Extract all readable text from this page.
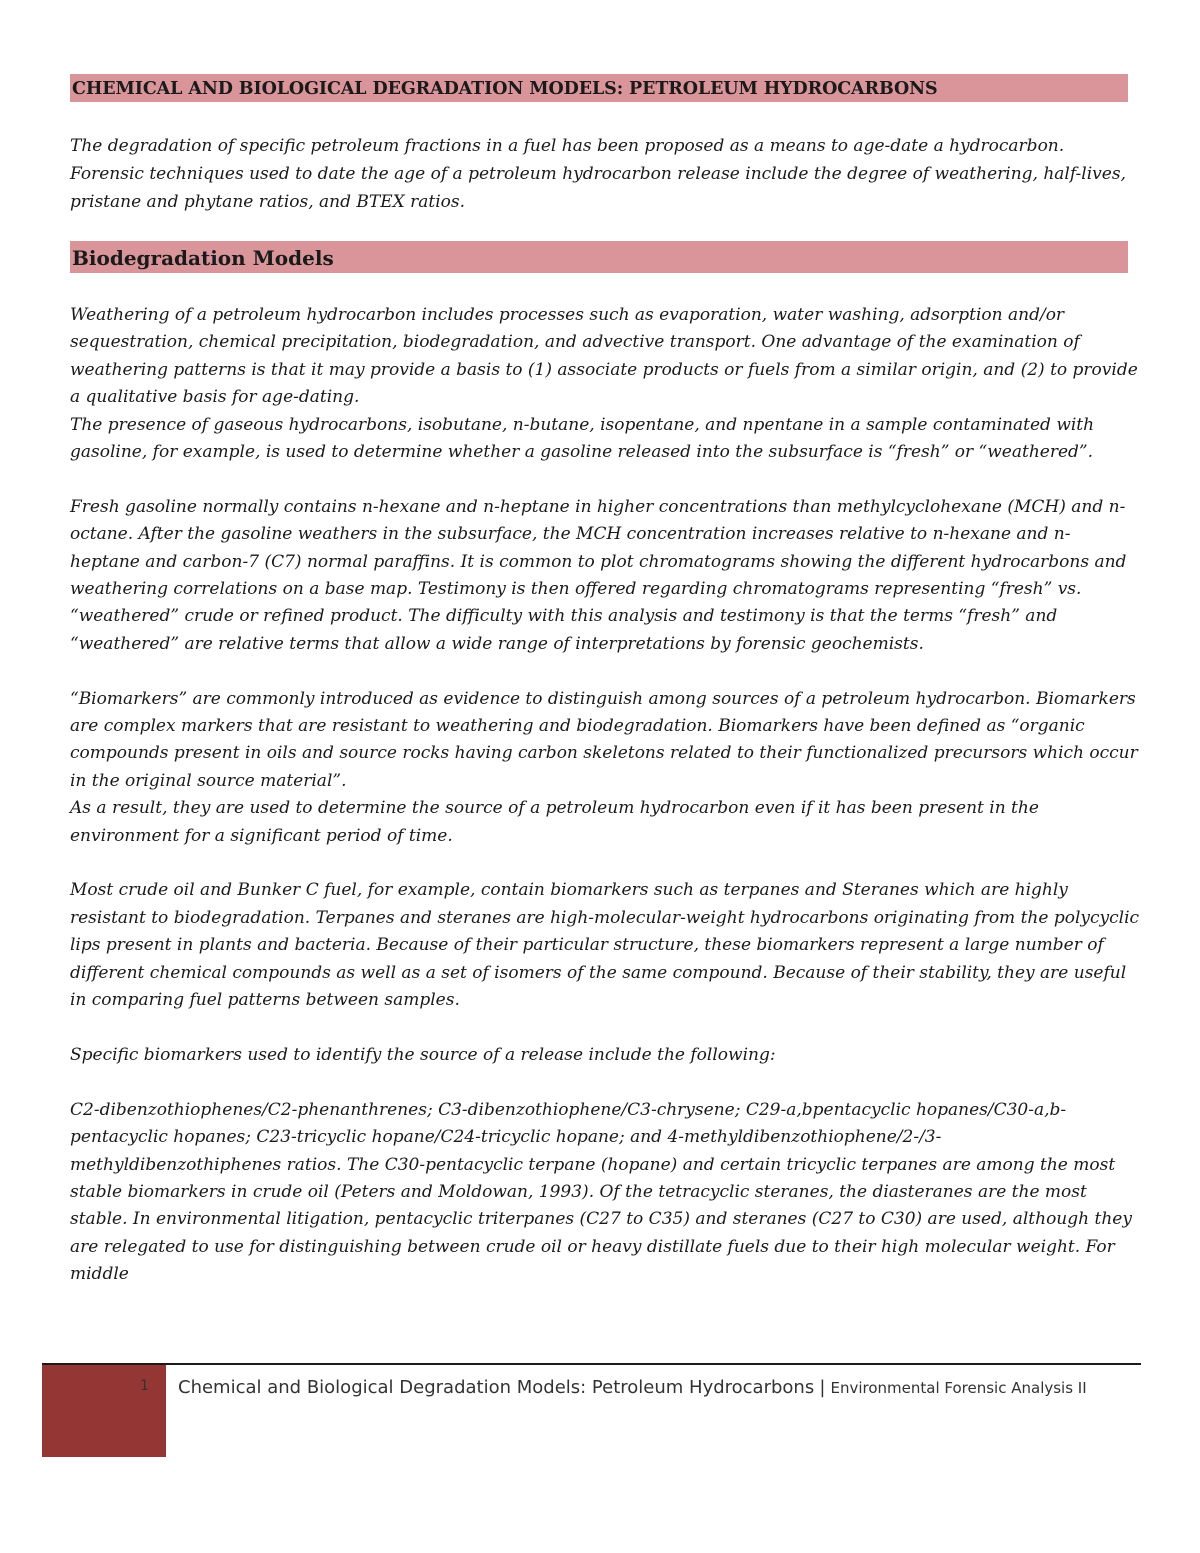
CHEMICAL AND BIOLOGICAL DEGRADATION MODELS: PETROLEUM HYDROCARBONS
The degradation of specific petroleum fractions in a fuel has been proposed as a means to age-date a hydrocarbon. Forensic techniques used to date the age of a petroleum hydrocarbon release include the degree of weathering, half-lives, pristane and phytane ratios, and BTEX ratios.
Biodegradation Models

Weathering of a petroleum hydrocarbon includes processes such as evaporation, water washing, adsorption and/or sequestration, chemical precipitation, biodegradation, and advective transport. One advantage of the examination of weathering patterns is that it may provide a basis to (1) associate products or fuels from a similar origin, and (2) to provide a qualitative basis for age-dating.

The presence of gaseous hydrocarbons, isobutane, n-butane, isopentane, and npentane in a sample contaminated with gasoline, for example, is used to determine whether a gasoline released into the subsurface is “fresh” or “weathered”.

Fresh gasoline normally contains n-hexane and n-heptane in higher concentrations than methylcyclohexane (MCH) and n-octane. After the gasoline weathers in the subsurface, the MCH concentration increases relative to n-hexane and n-heptane and carbon-7 (C7) normal paraffins. It is common to plot chromatograms showing the different hydrocarbons and weathering correlations on a base map. Testimony is then offered regarding chromatograms representing “fresh” vs. “weathered” crude or refined product. The difficulty with this analysis and testimony is that the terms “fresh” and “weathered” are relative terms that allow a wide range of interpretations by forensic geochemists.

“Biomarkers” are commonly introduced as evidence to distinguish among sources of a petroleum hydrocarbon. Biomarkers are complex markers that are resistant to weathering and biodegradation. Biomarkers have been defined as “organic compounds present in oils and source rocks having carbon skeletons related to their functionalized precursors which occur in the original source material”.

As a result, they are used to determine the source of a petroleum hydrocarbon even if it has been present in the environment for a significant period of time.

Most crude oil and Bunker C fuel, for example, contain biomarkers such as terpanes and Steranes which are highly resistant to biodegradation. Terpanes and steranes are high-molecular-weight hydrocarbons originating from the polycyclic lips present in plants and bacteria. Because of their particular structure, these biomarkers represent a large number of different chemical compounds as well as a set of isomers of the same compound. Because of their stability, they are useful in comparing fuel patterns between samples.

Specific biomarkers used to identify the source of a release include the following:

C2-dibenzothiophenes/C2-phenanthrenes; C3-dibenzothiophene/C3-chrysene; C29-a,bpentacyclic hopanes/C30-a,b-pentacyclic hopanes; C23-tricyclic hopane/C24-tricyclic hopane; and 4-methyldibenzothiophene/2-/3-methyldibenzothiphenes ratios. The C30-pentacyclic terpane (hopane) and certain tricyclic terpanes are among the most stable biomarkers in crude oil (Peters and Moldowan, 1993). Of the tetracyclic steranes, the diasteranes are the most stable. In environmental litigation, pentacyclic triterpanes (C27 to C35) and steranes (C27 to C30) are used, although they are relegated to use for distinguishing between crude oil or heavy distillate fuels due to their high molecular weight. For middle

1 Chemical and Biological Degradation Models: Petroleum Hydrocarbons | Environmental Forensic Analysis II
